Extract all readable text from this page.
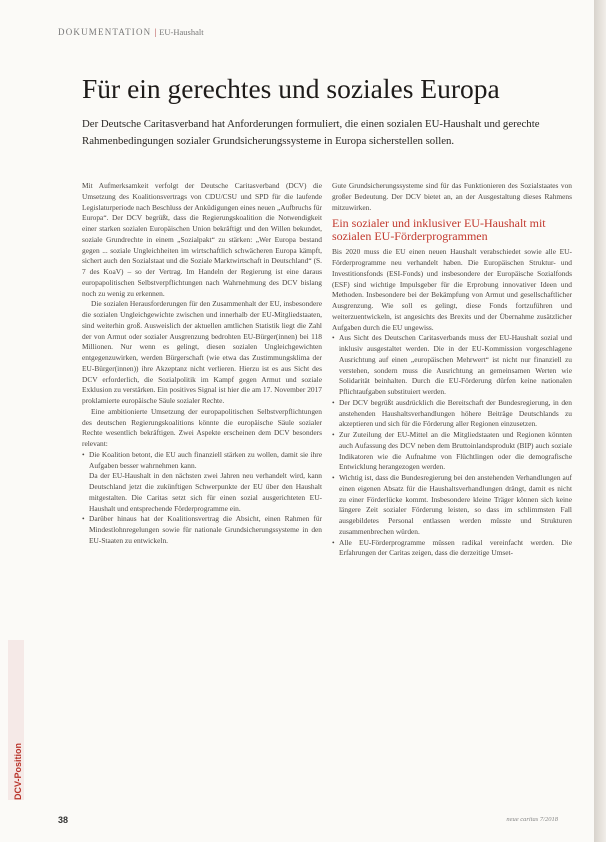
DOKUMENTATION | EU-Haushalt
Für ein gerechtes und soziales Europa

Der Deutsche Caritasverband hat Anforderungen formuliert, die einen sozialen EU-Haushalt und gerechte Rahmenbedingungen sozialer Grundsicherungssysteme in Europa sicherstellen sollen.

Mit Aufmerksamkeit verfolgt der Deutsche Caritasverband (DCV) die Umsetzung des Koalitionsvertrags von CDU/CSU und SPD für die laufende Legislaturperiode nach Beschluss der Anküdigungen eines neuen „Aufbruchs für Europa“. Der DCV begrüßt, dass die Regierungskoalition die Notwendigkeit einer starken sozialen Europäischen Union bekräftigt und den Willen bekundet, soziale Grundrechte in einem „Sozialpakt“ zu stärken: „Wer Europa bestand gegen ... soziale Ungleichheiten im wirtschaftlich schwächeren Europa kämpft, sichert auch den Sozialstaat und die Soziale Marktwirtschaft in Deutschland“ (S. 7 des KoaV) – so der Vertrag. Im Handeln der Regierung ist eine daraus europapolitischen Selbstverpflichtungen nach Wahrnehmung des DCV bislang noch zu wenig zu erkennen.

Die sozialen Herausforderungen für den Zusammenhalt der EU, insbesondere die sozialen Ungleichgewichte zwischen und innerhalb der EU-Mitgliedstaaten, sind weiterhin groß. Ausweislich der aktuellen amtlichen Statistik liegt die Zahl der von Armut oder sozialer Ausgrenzung bedrohten EU-Bürger(innen) bei 118 Millionen. Nur wenn es gelingt, diesen sozialen Ungleichgewichten entgegenzuwirken, werden Bürgerschaft (wie etwa das Zustimmungsklima der EU-Bürger(innen)) ihre Akzeptanz nicht verlieren. Hierzu ist es aus Sicht des DCV erforderlich, die Sozialpolitik im Kampf gegen Armut und soziale Exklusion zu verstärken. Ein positives Signal ist hier die am 17. November 2017 proklamierte europäische Säule sozialer Rechte.

Eine ambitionierte Umsetzung der europapolitischen Selbstverpflichtungen des deutschen Regierungskoalitions könnte die europäische Säule sozialer Rechte wesentlich bekräftigen. Zwei Aspekte erscheinen dem DCV besonders relevant:

• Die Koalition betont, die EU auch finanziell stärken zu wollen, damit sie ihre Aufgaben besser wahrnehmen kann.

Da der EU-Haushalt in den nächsten zwei Jahren neu verhandelt wird, kann Deutschland jetzt die zukünftigen Schwerpunkte der EU über den Haushalt mitgestalten. Die Caritas setzt sich für einen sozial ausgerichteten EU-Haushalt und entsprechende Förderprogramme ein.

• Darüber hinaus hat der Koalitionsvertrag die Absicht, einen Rahmen für Mindestlohnregelungen sowie für nationale Grundsicherungssysteme in den EU-Staaten zu entwickeln.

Gute Grundsicherungssysteme sind für das Funktionieren des Sozialstaates von großer Bedeutung. Der DCV bietet an, an der Ausgestaltung dieses Rahmens mitzuwirken.

Ein sozialer und inklusiver EU-Haushalt mit sozialen EU-Förderprogrammen

Bis 2020 muss die EU einen neuen Haushalt verabschiedet sowie alle EU-Förderprogramme neu verhandelt haben. Die Europäischen Struktur- und Investitionsfonds (ESI-Fonds) und insbesondere der Europäische Sozialfonds (ESF) sind wichtige Impulsgeber für die Erprobung innovativer Ideen und Methoden. Insbesondere bei der Bekämpfung von Armut und gesellschaftlicher Ausgrenzung. Wie soll es gelingt, diese Fonds fortzuführen und weiterzuentwickeln, ist angesichts des Brexits und der Übernahme zusätzlicher Aufgaben durch die EU ungewiss.

• Aus Sicht des Deutschen Caritasverbands muss der EU-Haushalt sozial und inklusiv ausgestaltet werden. Die in der EU-Kommission vorgeschlagene Ausrichtung auf einen „europäischen Mehrwert“ ist nicht nur finanziell zu verstehen, sondern muss die Ausrichtung an gemeinsamen Werten wie Solidarität beinhalten. Durch die EU-Förderung dürfen keine nationalen Pflichtaufgaben substituiert werden.
• Der DCV begrüßt ausdrücklich die Bereitschaft der Bundesregierung, in den anstehenden Haushaltsverhandlungen höhere Beiträge Deutschlands zu akzeptieren und sich für die Förderung aller Regionen einzusetzen.
• Zur Zuteilung der EU-Mittel an die Mitgliedstaaten und Regionen könnten auch Aufassung des DCV neben dem Bruttoinlandsprodukt (BIP) auch soziale Indikatoren wie die Aufnahme von Flüchtlingen oder die demografische Entwicklung herangezogen werden.
• Wichtig ist, dass die Bundesregierung bei den anstehenden Verhandlungen auf einen eigenen Absatz für die Haushaltsverhandlungen drängt, damit es nicht zu einer Förderlücke kommt. Insbesondere kleine Träger können sich keine längere Zeit sozialer Förderung leisten, so dass im schlimmsten Fall ausgebildetes Personal entlassen werden müsste und Strukturen zusammenbrechen würden.
• Alle EU-Förderprogramme müssen radikal vereinfacht werden. Die Erfahrungen der Caritas zeigen, dass die derzeitige Umset-
DCV-Position
38	neue caritas 7/2018
